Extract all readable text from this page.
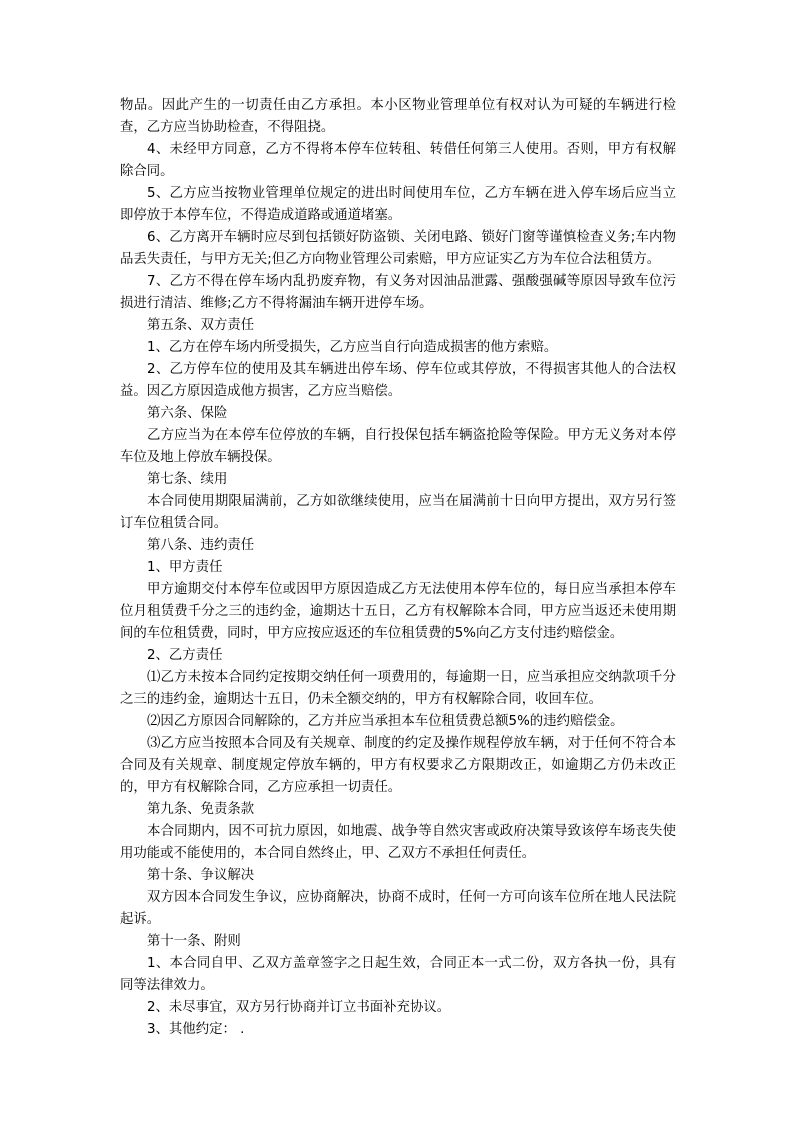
物品。因此产生的一切责任由乙方承担。本小区物业管理单位有权对认为可疑的车辆进行检查，乙方应当协助检查，不得阻挠。

4、未经甲方同意，乙方不得将本停车位转租、转借任何第三人使用。否则，甲方有权解除合同。

5、乙方应当按物业管理单位规定的进出时间使用车位，乙方车辆在进入停车场后应当立即停放于本停车位，不得造成道路或通道堵塞。

6、乙方离开车辆时应尽到包括锁好防盗锁、关闭电路、锁好门窗等谨慎检查义务;车内物品丢失责任，与甲方无关;但乙方向物业管理公司索赔，甲方应证实乙方为车位合法租赁方。

7、乙方不得在停车场内乱扔废弃物，有义务对因油品泄露、强酸强碱等原因导致车位污损进行清洁、维修;乙方不得将漏油车辆开进停车场。

第五条、双方责任

1、乙方在停车场内所受损失，乙方应当自行向造成损害的他方索赔。

2、乙方停车位的使用及其车辆进出停车场、停车位或其停放，不得损害其他人的合法权益。因乙方原因造成他方损害，乙方应当赔偿。

第六条、保险

乙方应当为在本停车位停放的车辆，自行投保包括车辆盗抢险等保险。甲方无义务对本停车位及地上停放车辆投保。

第七条、续用

本合同使用期限届满前，乙方如欲继续使用，应当在届满前十日向甲方提出，双方另行签订车位租赁合同。

第八条、违约责任

1、甲方责任

甲方逾期交付本停车位或因甲方原因造成乙方无法使用本停车位的，每日应当承担本停车位月租赁费千分之三的违约金，逾期达十五日，乙方有权解除本合同，甲方应当返还未使用期间的车位租赁费，同时，甲方应按应返还的车位租赁费的5%向乙方支付违约赔偿金。

2、乙方责任

⑴乙方未按本合同约定按期交纳任何一项费用的，每逾期一日，应当承担应交纳款项千分之三的违约金，逾期达十五日，仍未全额交纳的，甲方有权解除合同，收回车位。

⑵因乙方原因合同解除的，乙方并应当承担本车位租赁费总额5%的违约赔偿金。

⑶乙方应当按照本合同及有关规章、制度的约定及操作规程停放车辆，对于任何不符合本合同及有关规章、制度规定停放车辆的，甲方有权要求乙方限期改正，如逾期乙方仍未改正的，甲方有权解除合同，乙方应承担一切责任。

第九条、免责条款

本合同期内，因不可抗力原因，如地震、战争等自然灾害或政府决策导致该停车场丧失使用功能或不能使用的，本合同自然终止，甲、乙双方不承担任何责任。

第十条、争议解决

双方因本合同发生争议，应协商解决，协商不成时，任何一方可向该车位所在地人民法院起诉。

第十一条、附则

1、本合同自甲、乙双方盖章签字之日起生效，合同正本一式二份，双方各执一份，具有同等法律效力。

2、未尽事宜，双方另行协商并订立书面补充协议。

3、其他约定： .
